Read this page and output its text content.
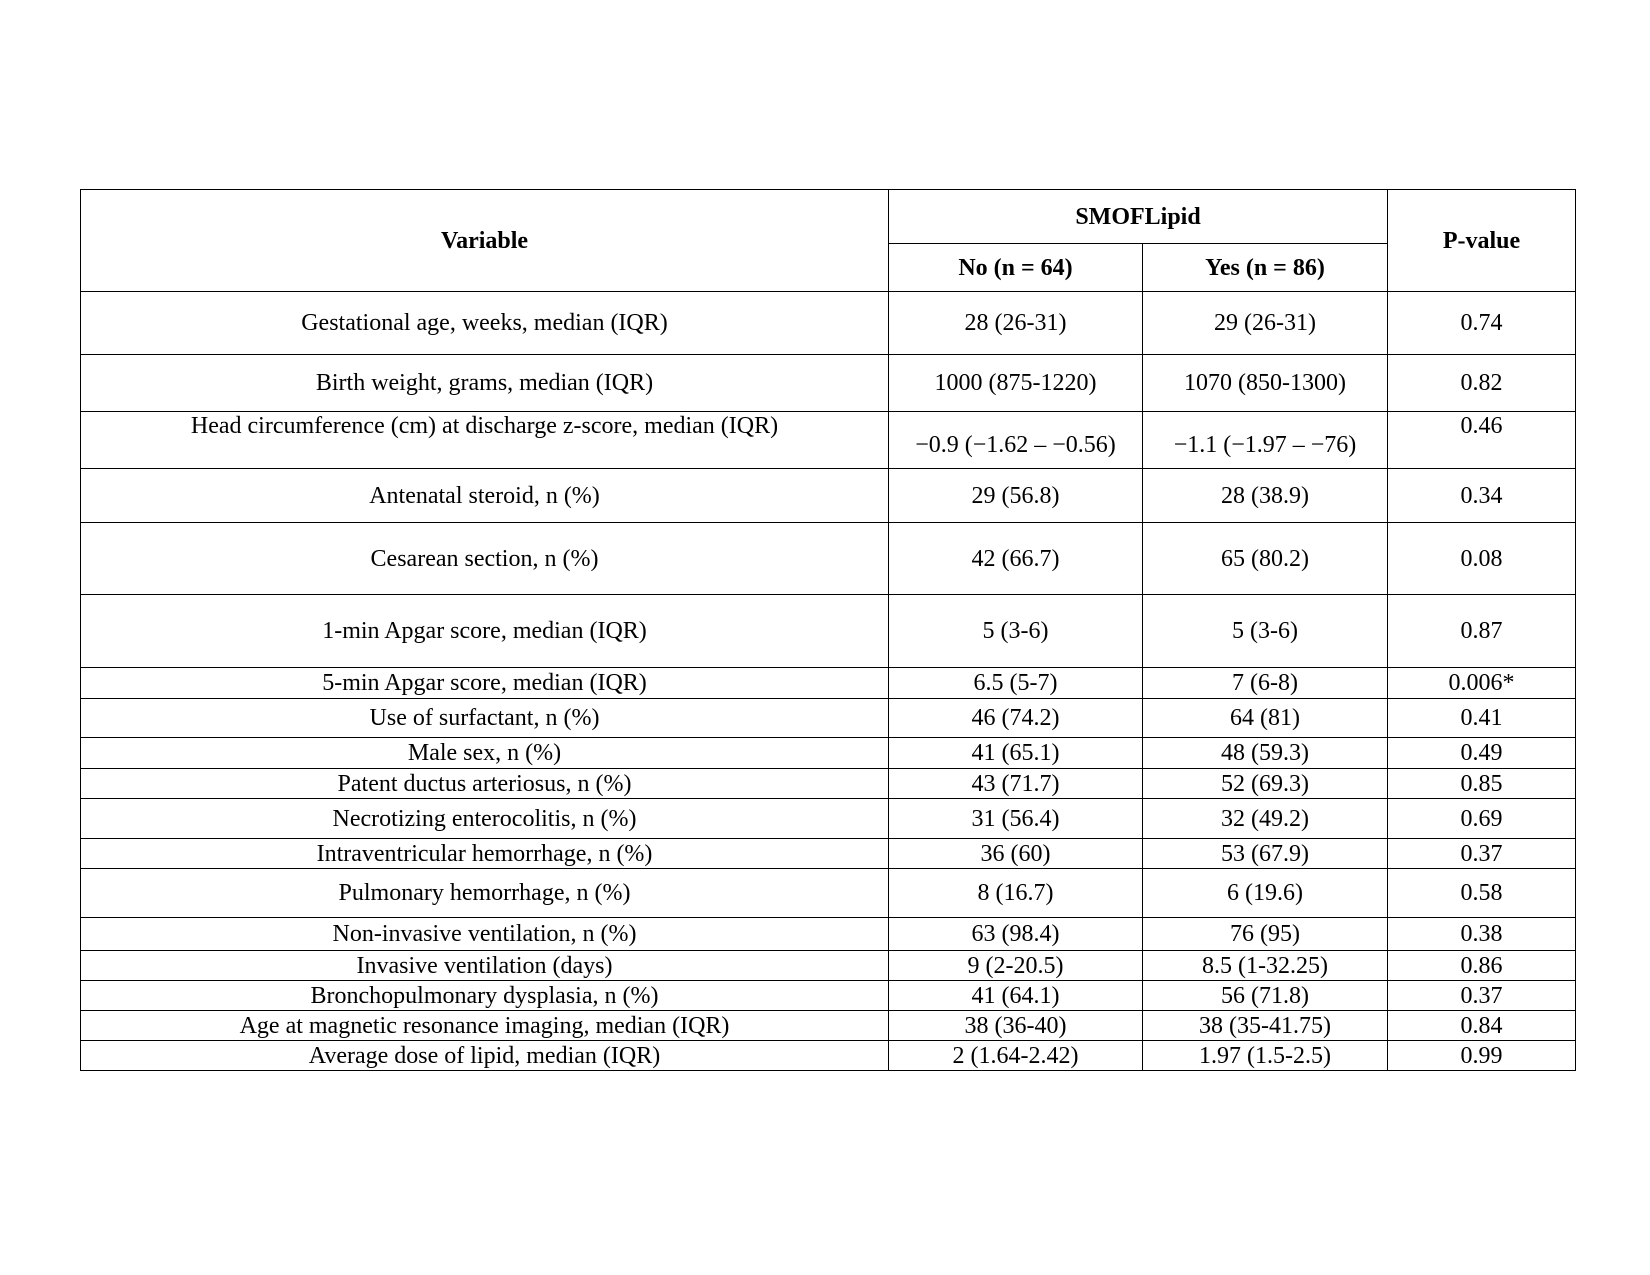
Variable	SMOFLipid		P-value
	No (n = 64)	Yes (n = 86)	
Gestational age, weeks, median (IQR)	28 (26-31)	29 (26-31)	0.74
Birth weight, grams, median (IQR)	1000 (875-1220)	1070 (850-1300)	0.82
Head circumference (cm) at discharge z-score, median (IQR)	−0.9 (−1.62 – −0.56)	−1.1 (−1.97 – −76)	0.46
Antenatal steroid, n (%)	29 (56.8)	28 (38.9)	0.34
Cesarean section, n (%)	42 (66.7)	65 (80.2)	0.08
1-min Apgar score, median (IQR)	5 (3-6)	5 (3-6)	0.87
5-min Apgar score, median (IQR)	6.5 (5-7)	7 (6-8)	0.006*
Use of surfactant, n (%)	46 (74.2)	64 (81)	0.41
Male sex, n (%)	41 (65.1)	48 (59.3)	0.49
Patent ductus arteriosus, n (%)	43 (71.7)	52 (69.3)	0.85
Necrotizing enterocolitis, n (%)	31 (56.4)	32 (49.2)	0.69
Intraventricular hemorrhage, n (%)	36 (60)	53 (67.9)	0.37
Pulmonary hemorrhage, n (%)	8 (16.7)	6 (19.6)	0.58
Non-invasive ventilation, n (%)	63 (98.4)	76 (95)	0.38
Invasive ventilation (days)	9 (2-20.5)	8.5 (1-32.25)	0.86
Bronchopulmonary dysplasia, n (%)	41 (64.1)	56 (71.8)	0.37
Age at magnetic resonance imaging, median (IQR)	38 (36-40)	38 (35-41.75)	0.84
Average dose of lipid, median (IQR)	2 (1.64-2.42)	1.97 (1.5-2.5)	0.99
